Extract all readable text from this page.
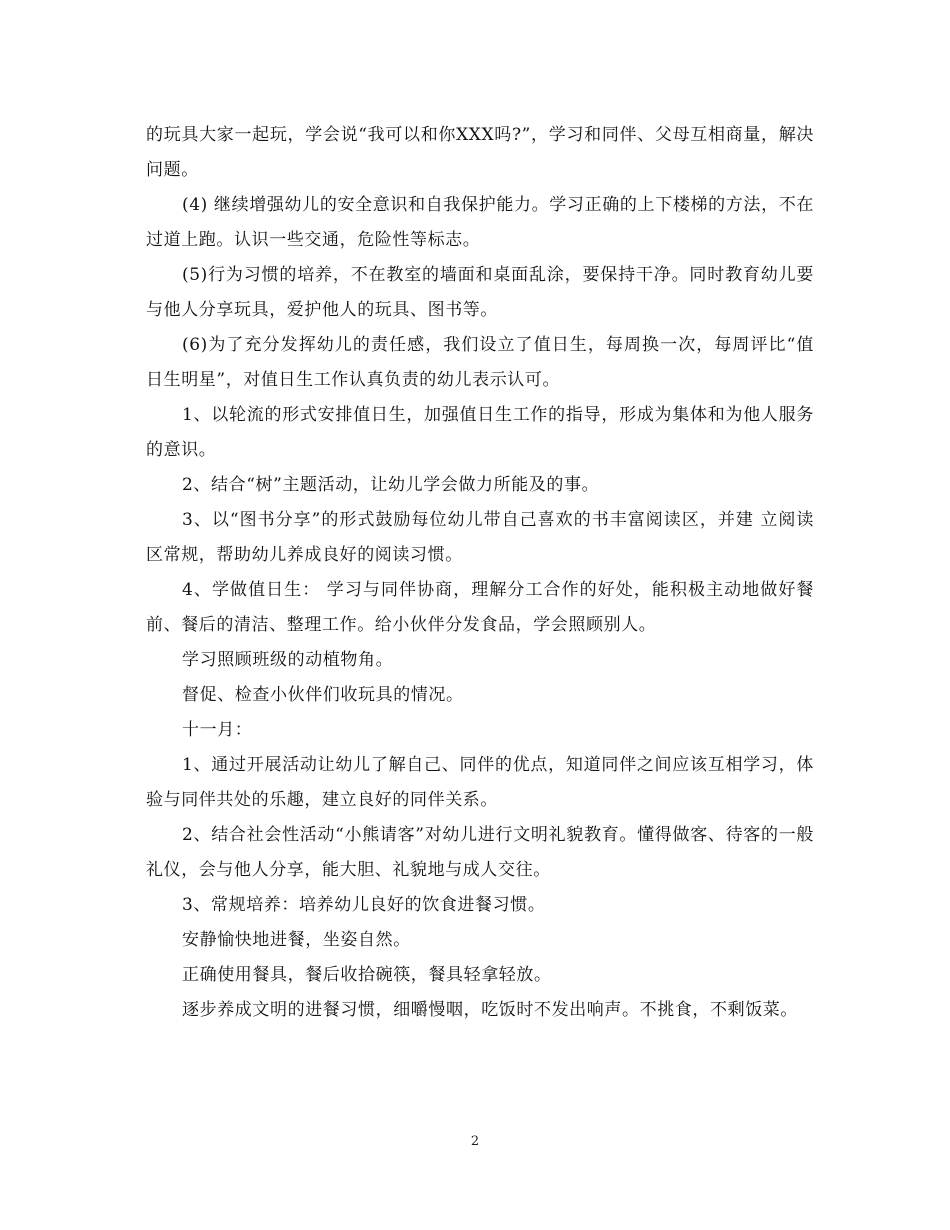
的玩具大家一起玩，学会说“我可以和你XXX吗?”，学习和同伴、父母互相商量，解决问题。

(4) 继续增强幼儿的安全意识和自我保护能力。学习正确的上下楼梯的方法，不在过道上跑。认识一些交通，危险性等标志。

(5)行为习惯的培养，不在教室的墙面和桌面乱涂，要保持干净。同时教育幼儿要与他人分享玩具，爱护他人的玩具、图书等。

(6)为了充分发挥幼儿的责任感，我们设立了值日生，每周换一次，每周评比“值日生明星”，对值日生工作认真负责的幼儿表示认可。

1、以轮流的形式安排值日生，加强值日生工作的指导，形成为集体和为他人服务的意识。

2、结合“树”主题活动，让幼儿学会做力所能及的事。

3、以“图书分享”的形式鼓励每位幼儿带自己喜欢的书丰富阅读区，并建 立阅读区常规，帮助幼儿养成良好的阅读习惯。

4、学做值日生： 学习与同伴协商，理解分工合作的好处，能积极主动地做好餐前、餐后的清洁、整理工作。给小伙伴分发食品，学会照顾别人。

学习照顾班级的动植物角。

督促、检查小伙伴们收玩具的情况。

十一月：

1、通过开展活动让幼儿了解自己、同伴的优点，知道同伴之间应该互相学习，体验与同伴共处的乐趣，建立良好的同伴关系。

2、结合社会性活动“小熊请客”对幼儿进行文明礼貌教育。懂得做客、待客的一般礼仪，会与他人分享，能大胆、礼貌地与成人交往。

3、常规培养：培养幼儿良好的饮食进餐习惯。

安静愉快地进餐，坐姿自然。

正确使用餐具，餐后收拾碗筷，餐具轻拿轻放。

逐步养成文明的进餐习惯，细嚼慢咽，吃饭时不发出响声。不挑食，不剩饭菜。

2
